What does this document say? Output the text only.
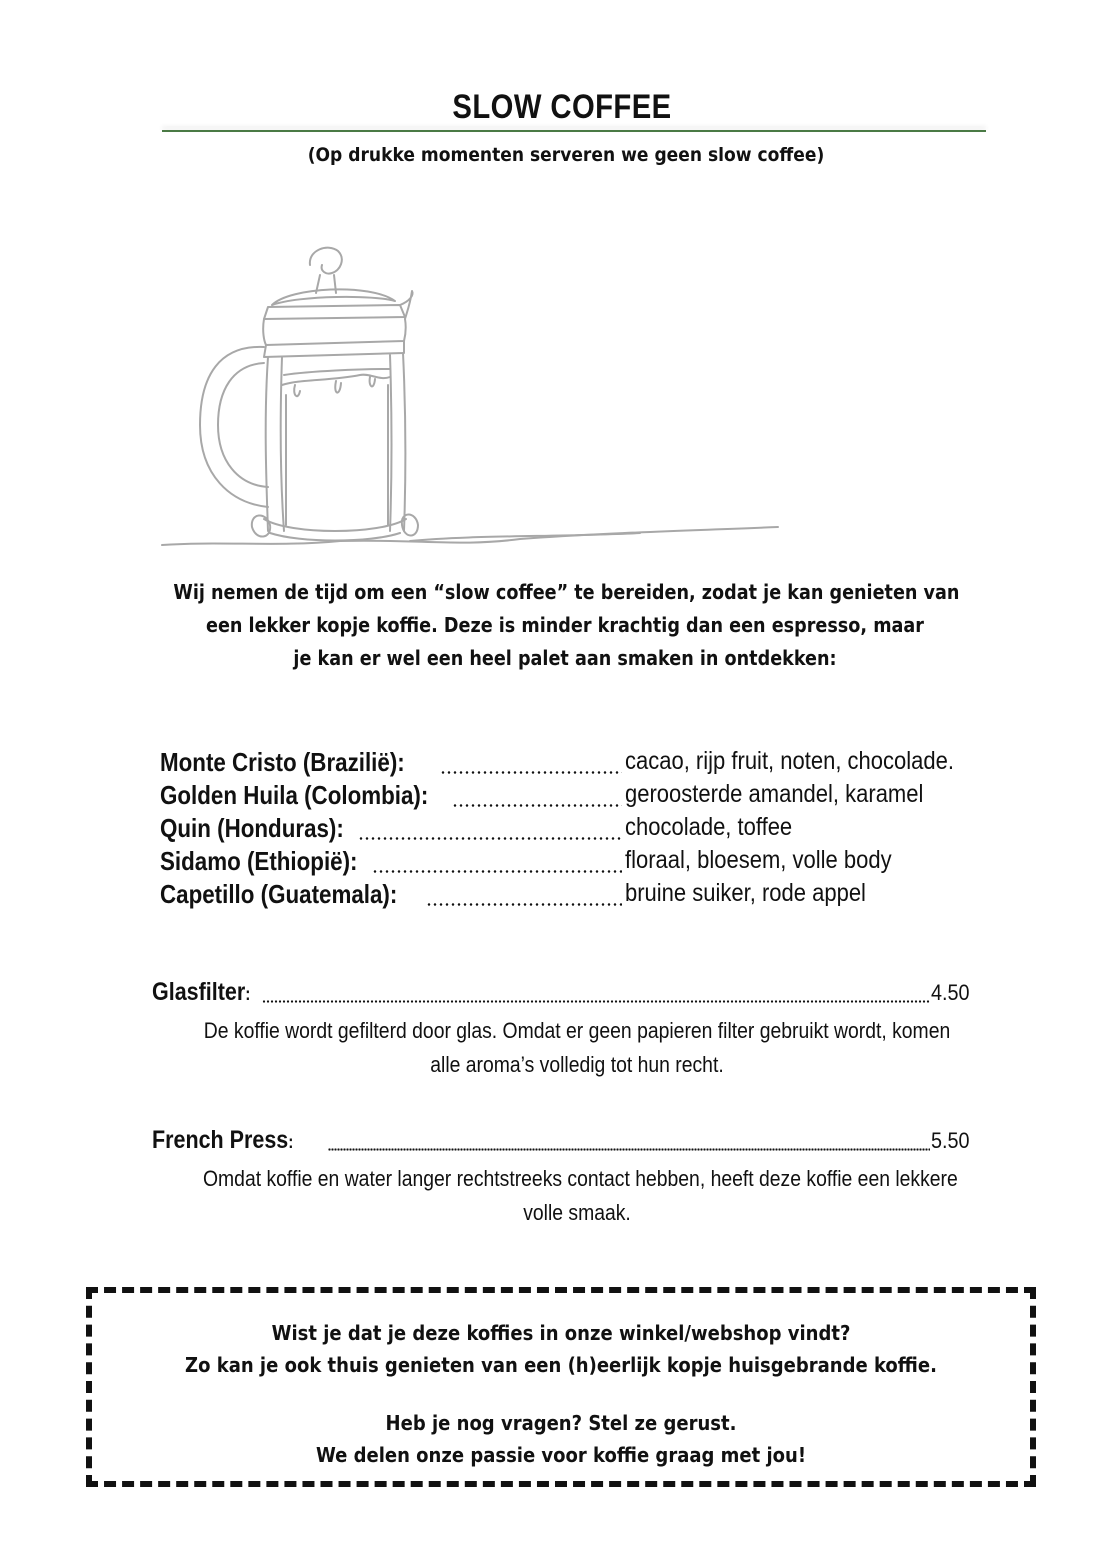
SLOW COFFEE
(Op drukke momenten serveren we geen slow coffee)
Wij nemen de tijd om een “slow coffee” te bereiden, zodat je kan genieten van
een lekker kopje koffie. Deze is minder krachtig dan een espresso, maar
je kan er wel een heel palet aan smaken in ontdekken:
Monte Cristo (Brazilië):	cacao, rijp fruit, noten, chocolade.
Golden Huila (Colombia):	geroosterde amandel, karamel
Quin (Honduras):	chocolade, toffee
Sidamo (Ethiopië):	floraal, bloesem, volle body
Capetillo (Guatemala):	bruine suiker, rode appel
Glasfilter:	4.50
De koffie wordt gefilterd door glas. Omdat er geen papieren filter gebruikt wordt, komen
alle aroma’s volledig tot hun recht.
French Press:	5.50
Omdat koffie en water langer rechtstreeks contact hebben, heeft deze koffie een lekkere
volle smaak.
Wist je dat je deze koffies in onze winkel/webshop vindt?
Zo kan je ook thuis genieten van een (h)eerlijk kopje huisgebrande koffie.
Heb je nog vragen? Stel ze gerust.
We delen onze passie voor koffie graag met jou!
